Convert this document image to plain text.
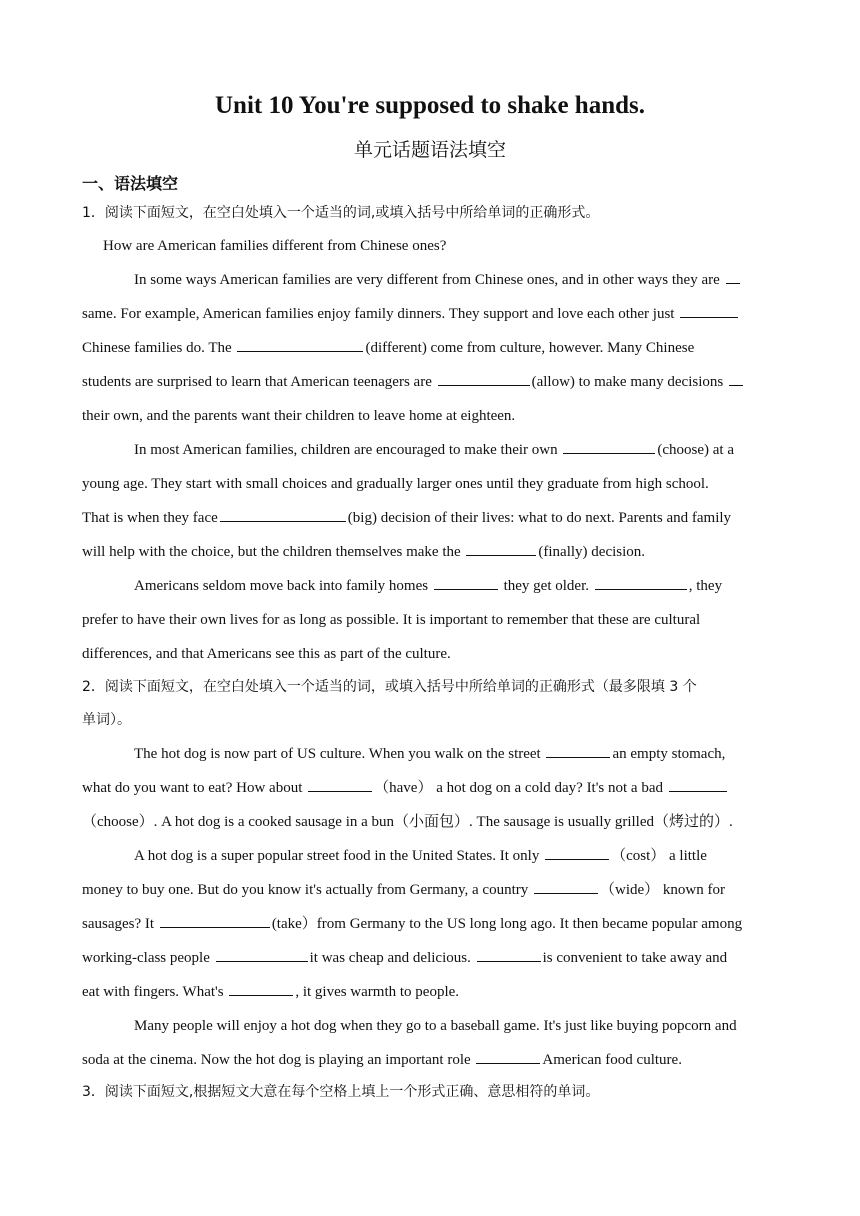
Unit 10 You're supposed to shake hands.
单元话题语法填空
一、语法填空
1．阅读下面短文，在空白处填入一个适当的词,或填入括号中所给单词的正确形式。
How are American families different from Chinese ones?
In some ways American families are very different from Chinese ones, and in other ways they are
same. For example, American families enjoy family dinners. They support and love each other just
Chinese families do. The	(different) come from culture, however. Many Chinese
students are surprised to learn that American teenagers are	(allow) to make many decisions
their own, and the parents want their children to leave home at eighteen.
In most American families, children are encouraged to make their own	(choose) at a
young age. They start with small choices and gradually larger ones until they graduate from high school.
That is when they face	(big) decision of their lives: what to do next. Parents and family
will help with the choice, but the children themselves make the	(finally) decision.
Americans seldom move back into family homes	they get older.	, they
prefer to have their own lives for as long as possible. It is important to remember that these are cultural
differences, and that Americans see this as part of the culture.
2．阅读下面短文，在空白处填入一个适当的词，或填入括号中所给单词的正确形式（最多限填 3 个
单词）。
The hot dog is now part of US culture. When you walk on the street	an empty stomach,
what do you want to eat? How about	（have） a hot dog on a cold day? It's not a bad
（choose）. A hot dog is a cooked sausage in a bun（小面包）. The sausage is usually grilled（烤过的）.
A hot dog is a super popular street food in the United States. It only	（cost） a little
money to buy one. But do you know it's actually from Germany, a country	（wide） known for
sausages? It	(take）from Germany to the US long long ago. It then became popular among
working-class people	it was cheap and delicious.	is convenient to take away and
eat with fingers. What's	, it gives warmth to people.
Many people will enjoy a hot dog when they go to a baseball game. It's just like buying popcorn and
soda at the cinema. Now the hot dog is playing an important role	American food culture.
3．阅读下面短文,根据短文大意在每个空格上填上一个形式正确、意思相符的单词。
